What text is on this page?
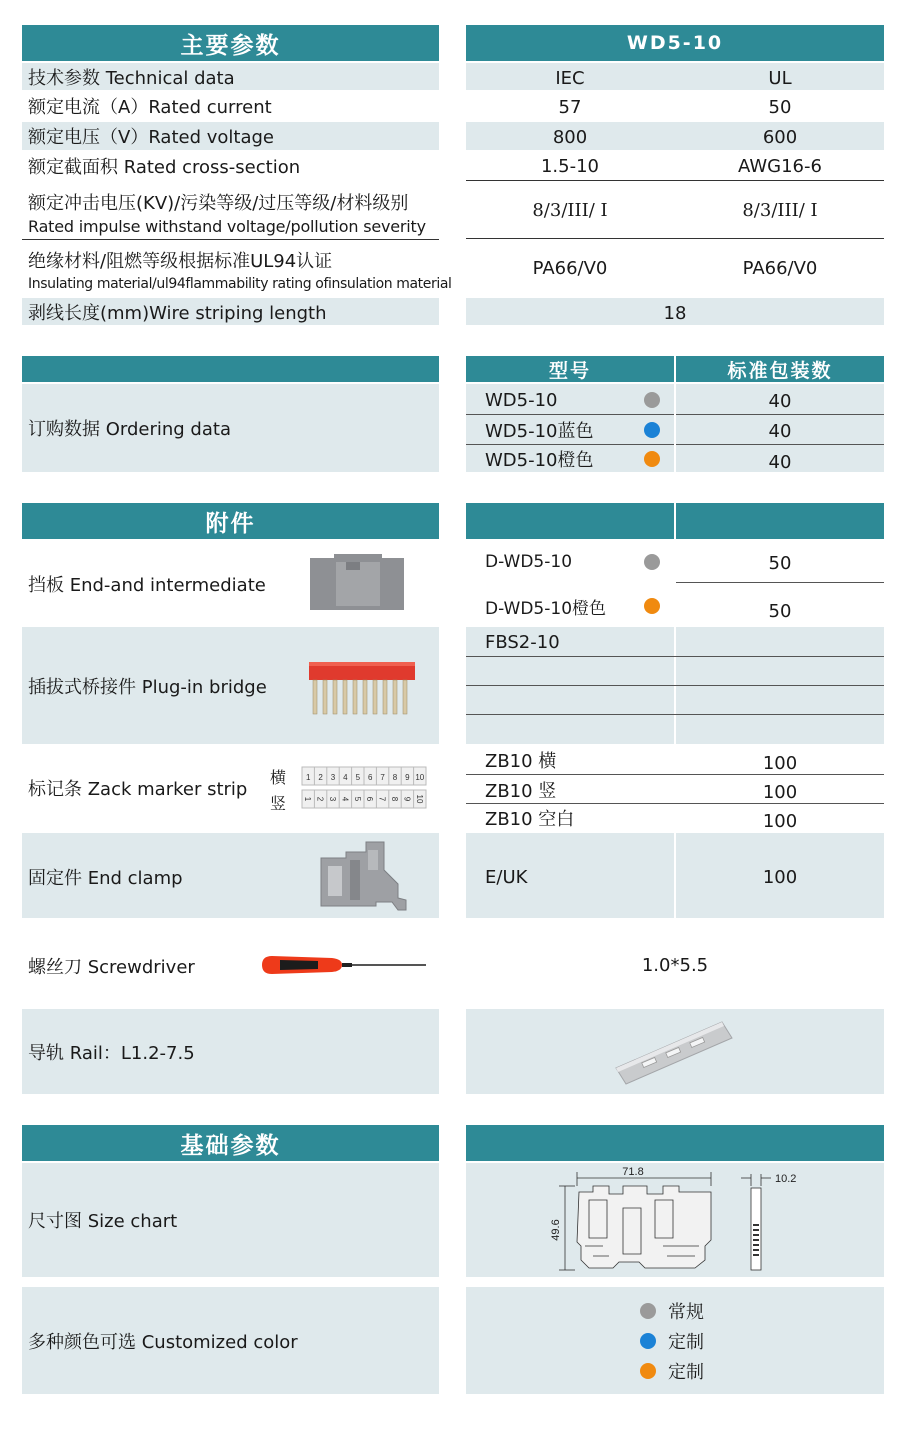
主要参数	WD5-10
技术参数 Technical data	IEC	UL
额定电流（A）Rated current	57	50
额定电压（V）Rated voltage	800	600
额定截面积 Rated cross-section	1.5-10	AWG16-6
额定冲击电压(KV)/污染等级/过压等级/材料级别
Rated impulse withstand voltage/pollution severity
8/3/III/ I	8/3/III/ I
绝缘材料/阻燃等级根据标准UL94认证
Insulating material/ul94flammability rating ofinsulation material
PA66/V0	PA66/V0
剥线长度(mm)Wire striping length	18
订购数据 Ordering data
型号	标准包装数
WD5-10	40
WD5-10蓝色	40
WD5-10橙色	40
附件
挡板 End-and intermediate
D-WD5-10	50
D-WD5-10橙色	50
插拔式桥接件 Plug-in bridge
FBS2-10
标记条 Zack marker strip
横
竖
1
1
2
2
3
3
4
4
5
5
6
6
7
7
8
8
9
9
10
10
ZB10 横	100
ZB10 竖	100
ZB10 空白	100
固定件 End clamp	E/UK	100
螺丝刀 Screwdriver	1.0*5.5
导轨 Rail：L1.2-7.5
基础参数
尺寸图 Size chart
71.8
49.6
10.2
多种颜色可选 Customized color
常规
定制
定制
